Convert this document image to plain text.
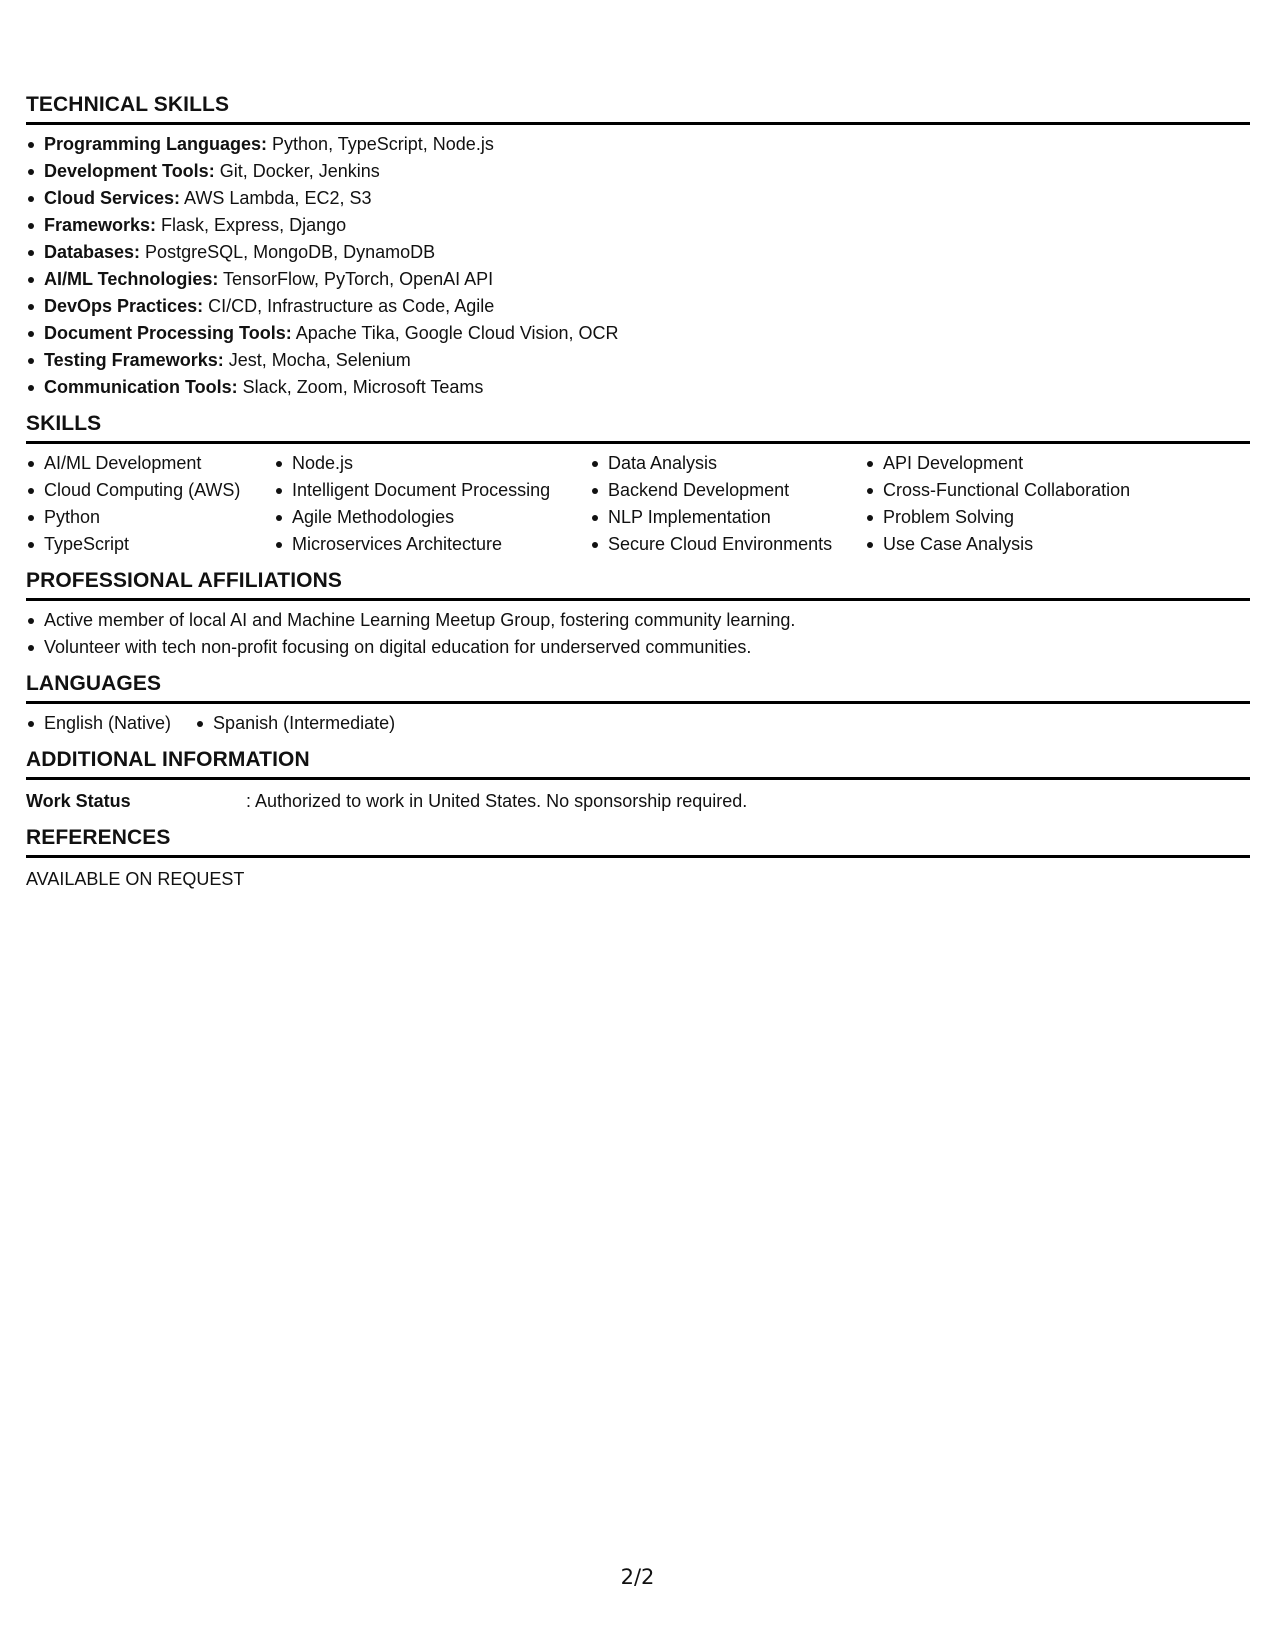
TECHNICAL SKILLS
Programming Languages: Python, TypeScript, Node.js
Development Tools: Git, Docker, Jenkins
Cloud Services: AWS Lambda, EC2, S3
Frameworks: Flask, Express, Django
Databases: PostgreSQL, MongoDB, DynamoDB
AI/ML Technologies: TensorFlow, PyTorch, OpenAI API
DevOps Practices: CI/CD, Infrastructure as Code, Agile
Document Processing Tools: Apache Tika, Google Cloud Vision, OCR
Testing Frameworks: Jest, Mocha, Selenium
Communication Tools: Slack, Zoom, Microsoft Teams
SKILLS
AI/ML Development
Cloud Computing (AWS)
Python
TypeScript
Node.js
Intelligent Document Processing
Agile Methodologies
Microservices Architecture
Data Analysis
Backend Development
NLP Implementation
Secure Cloud Environments
API Development
Cross-Functional Collaboration
Problem Solving
Use Case Analysis
PROFESSIONAL AFFILIATIONS
Active member of local AI and Machine Learning Meetup Group, fostering community learning.
Volunteer with tech non-profit focusing on digital education for underserved communities.
LANGUAGES
English (Native)	Spanish (Intermediate)
ADDITIONAL INFORMATION
Work Status	: Authorized to work in United States. No sponsorship required.
REFERENCES
AVAILABLE ON REQUEST
2/2
